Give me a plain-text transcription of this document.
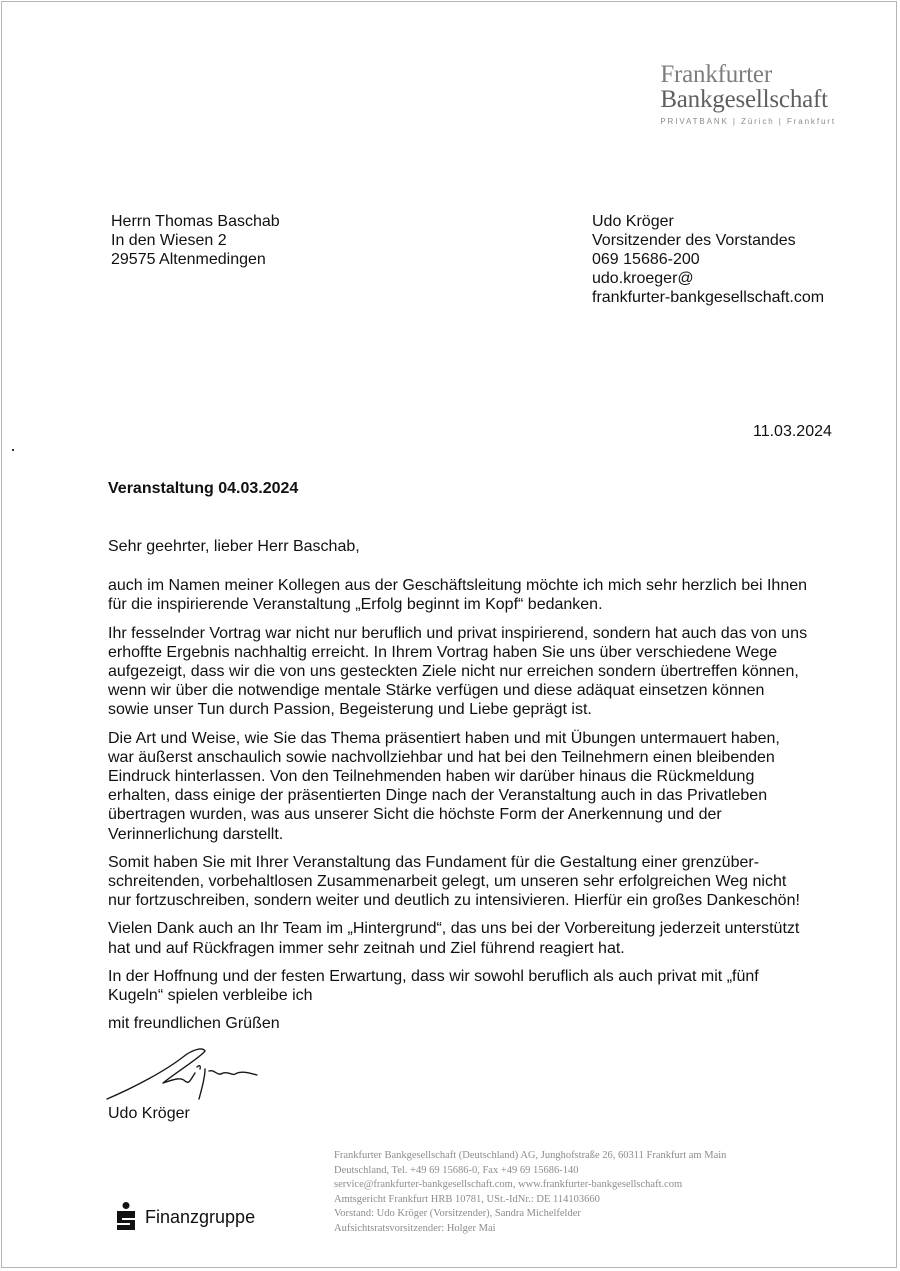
Frankfurter
Bankgesellschaft
PRIVATBANK | Zürich | Frankfurt
Herrn Thomas Baschab
In den Wiesen 2
29575 Altenmedingen
Udo Kröger
Vorsitzender des Vorstandes
069 15686-200
udo.kroeger@
frankfurter-bankgesellschaft.com
11.03.2024
Veranstaltung 04.03.2024

Sehr geehrter, lieber Herr Baschab,

auch im Namen meiner Kollegen aus der Geschäftsleitung möchte ich mich sehr herzlich bei Ihnen
für die inspirierende Veranstaltung „Erfolg beginnt im Kopf“ bedanken.

Ihr fesselnder Vortrag war nicht nur beruflich und privat inspirierend, sondern hat auch das von uns
erhoffte Ergebnis nachhaltig erreicht. In Ihrem Vortrag haben Sie uns über verschiedene Wege
aufgezeigt, dass wir die von uns gesteckten Ziele nicht nur erreichen sondern übertreffen können,
wenn wir über die notwendige mentale Stärke verfügen und diese adäquat einsetzen können
sowie unser Tun durch Passion, Begeisterung und Liebe geprägt ist.

Die Art und Weise, wie Sie das Thema präsentiert haben und mit Übungen untermauert haben,
war äußerst anschaulich sowie nachvollziehbar und hat bei den Teilnehmern einen bleibenden
Eindruck hinterlassen. Von den Teilnehmenden haben wir darüber hinaus die Rückmeldung
erhalten, dass einige der präsentierten Dinge nach der Veranstaltung auch in das Privatleben
übertragen wurden, was aus unserer Sicht die höchste Form der Anerkennung und der
Verinnerlichung darstellt.

Somit haben Sie mit Ihrer Veranstaltung das Fundament für die Gestaltung einer grenzüber-
schreitenden, vorbehaltlosen Zusammenarbeit gelegt, um unseren sehr erfolgreichen Weg nicht
nur fortzuschreiben, sondern weiter und deutlich zu intensivieren. Hierfür ein großes Dankeschön!

Vielen Dank auch an Ihr Team im „Hintergrund“, das uns bei der Vorbereitung jederzeit unterstützt
hat und auf Rückfragen immer sehr zeitnah und Ziel führend reagiert hat.

In der Hoffnung und der festen Erwartung, dass wir sowohl beruflich als auch privat mit „fünf
Kugeln“ spielen verbleibe ich

mit freundlichen Grüßen

Udo Kröger
Finanzgruppe
Frankfurter Bankgesellschaft (Deutschland) AG, Junghofstraße 26, 60311 Frankfurt am Main
Deutschland, Tel. +49 69 15686-0, Fax +49 69 15686-140
service@frankfurter-bankgesellschaft.com, www.frankfurter-bankgesellschaft.com
Amtsgericht Frankfurt HRB 10781, USt.-IdNr.: DE 114103660
Vorstand: Udo Kröger (Vorsitzender), Sandra Michelfelder
Aufsichtsratsvorsitzender: Holger Mai
